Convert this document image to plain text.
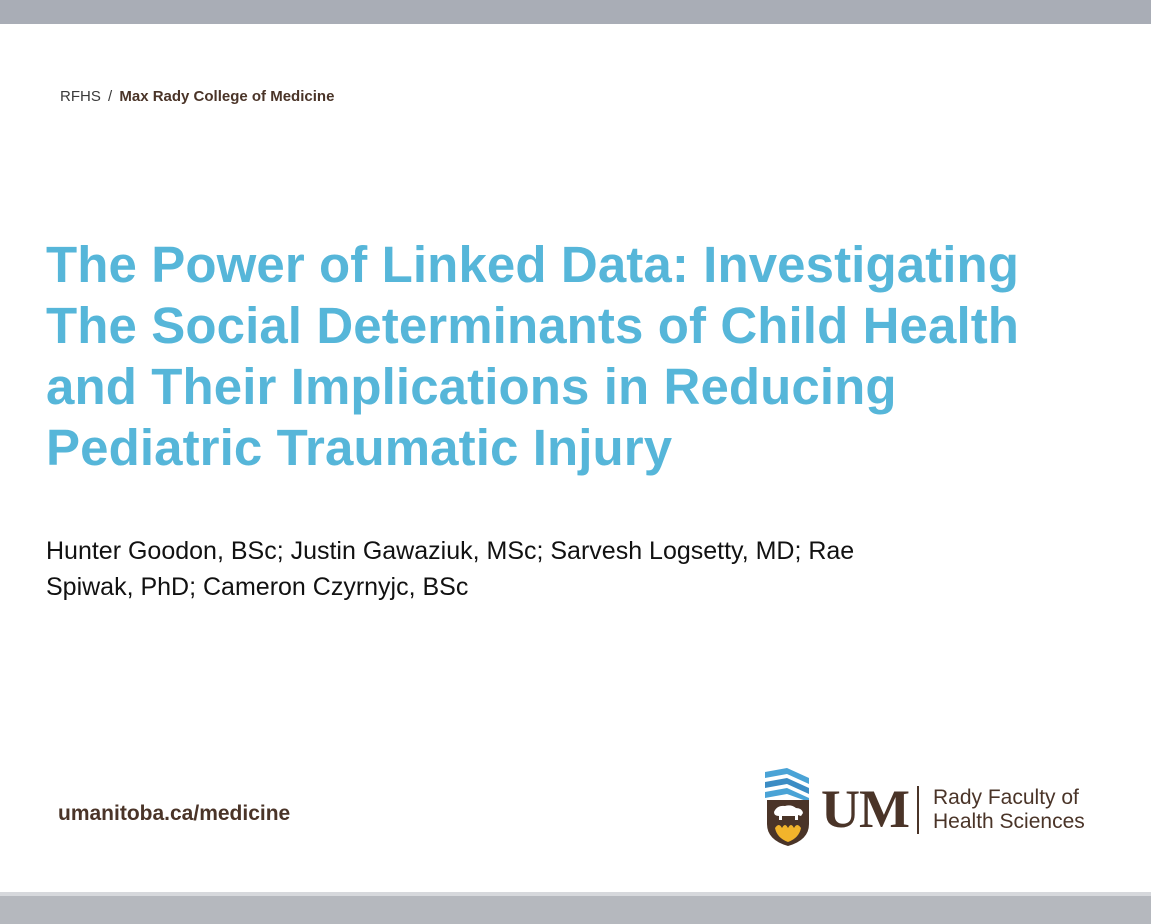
RFHS / Max Rady College of Medicine
The Power of Linked Data: Investigating
The Social Determinants of Child Health
and Their Implications in Reducing
Pediatric Traumatic Injury
Hunter Goodon, BSc; Justin Gawaziuk, MSc; Sarvesh Logsetty, MD; Rae
Spiwak, PhD; Cameron Czyrnyjc, BSc
umanitoba.ca/medicine	UM Rady Faculty of
Health Sciences
